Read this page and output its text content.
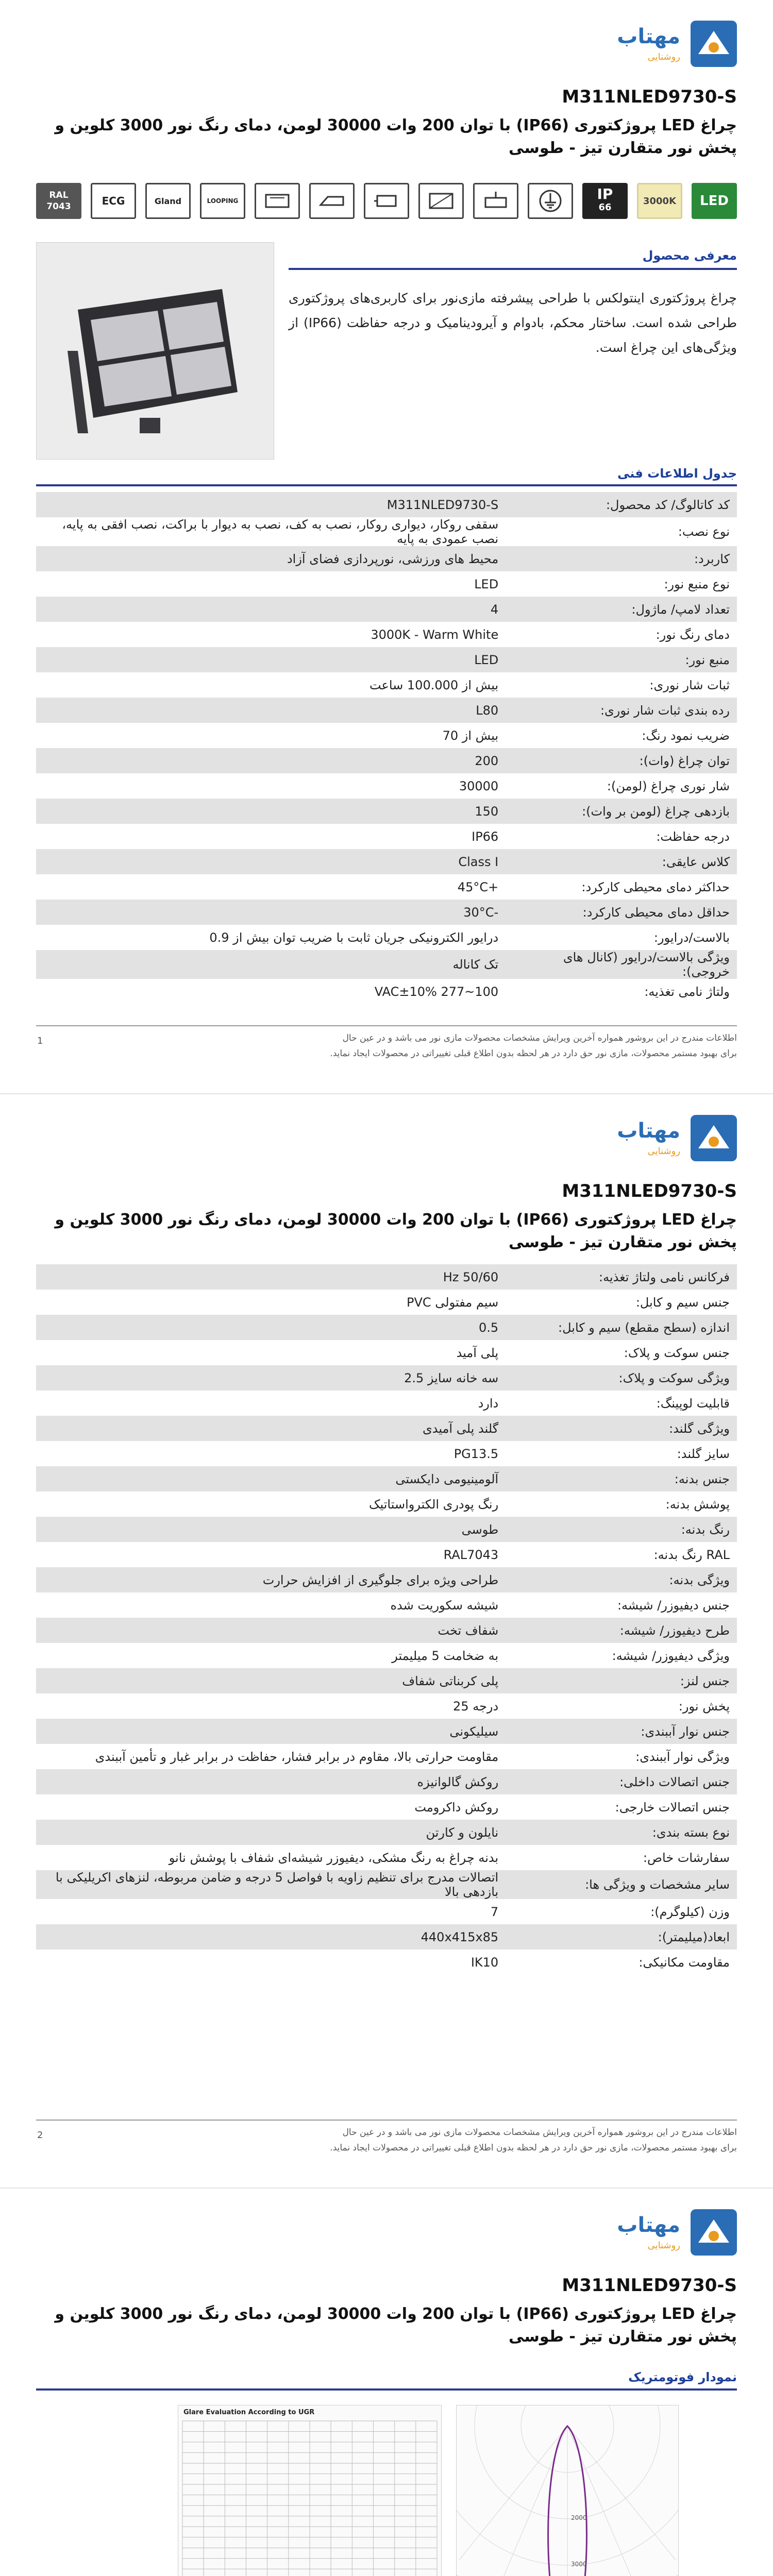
مهتاب
روشنایی
M311NLED9730-S
چراغ LED پروژکتوری (IP66) با توان 200 وات 30000 لومن، دمای رنگ نور 3000 کلوین و پخش نور متقارن تیز - طوسی
LED
3000K
IP
66
LOOPING
Gland
ECG
RAL
7043
معرفی محصول
چراغ پروژکتوری اینتولکس با طراحی پیشرفته مازی‌نور برای کاربری‌های پروژکتوری طراحی شده است. ساختار محکم، بادوام و آیرودینامیک و درجه حفاظت (IP66) از ویژگی‌های این چراغ است.
جدول اطلاعات فنی
کد کاتالوگ/ کد محصول:	M311NLED9730-S
نوع نصب:	سقفی روکار، دیواری روکار، نصب به کف، نصب به دیوار با براکت، نصب افقی به پایه، نصب عمودی به پایه
کاربرد:	محیط های ورزشی، نورپردازی فضای آزاد
نوع منبع نور:	LED
تعداد لامپ/ ماژول:	4
دمای رنگ نور:	3000K - Warm White
منبع نور:	LED
ثبات شار نوری:	بیش از 100.000 ساعت
رده بندی ثبات شار نوری:	L80
ضریب نمود رنگ:	بیش از 70
توان چراغ (وات):	200
شار نوری چراغ (لومن):	30000
بازدهی چراغ (لومن بر وات):	150
درجه حفاظت:	IP66
کلاس عایقی:	Class I
حداکثر دمای محیطی کارکرد:	+45°C
حداقل دمای محیطی کارکرد:	-30°C
بالاست/درایور:	درایور الکترونیکی جریان ثابت با ضریب توان بیش از 0.9
ویژگی بالاست/درایور (کانال های خروجی):	تک کاناله
ولتاژ نامی تغذیه:	100~277 VAC±10%
اطلاعات مندرج در این بروشور همواره آخرین ویرایش مشخصات محصولات مازی نور می باشد و در عین حال
برای بهبود مستمر محصولات، مازی نور حق دارد در هر لحظه بدون اطلاع قبلی تغییراتی در محصولات ایجاد نماید.
1
مهتاب
روشنایی
M311NLED9730-S
چراغ LED پروژکتوری (IP66) با توان 200 وات 30000 لومن، دمای رنگ نور 3000 کلوین و پخش نور متقارن تیز - طوسی
فرکانس نامی ولتاژ تغذیه:	50/60 Hz
جنس سیم و کابل:	سیم مفتولی PVC
اندازه (سطح مقطع) سیم و کابل:	0.5
جنس سوکت و پلاک:	پلی آمید
ویژگی سوکت و پلاک:	سه خانه سایز 2.5
قابلیت لوپینگ:	دارد
ویژگی گلند:	گلند پلی آمیدی
سایز گلند:	PG13.5
جنس بدنه:	آلومینیومی دایکستی
پوشش بدنه:	رنگ پودری الکترواستاتیک
رنگ بدنه:	طوسی
RAL رنگ بدنه:	RAL7043
ویژگی بدنه:	طراحی ویژه برای جلوگیری از افزایش حرارت
جنس دیفیوزر/ شیشه:	شیشه سکوریت شده
طرح دیفیوزر/ شیشه:	شفاف تخت
ویژگی دیفیوزر/ شیشه:	به ضخامت 5 میلیمتر
جنس لنز:	پلی کربناتی شفاف
پخش نور:	درجه 25
جنس نوار آببندی:	سیلیکونی
ویژگی نوار آببندی:	مقاومت حرارتی بالا، مقاوم در برابر فشار، حفاظت در برابر غبار و تأمین آببندی
جنس اتصالات داخلی:	روکش گالوانیزه
جنس اتصالات خارجی:	روکش داکرومت
نوع بسته بندی:	نایلون و کارتن
سفارشات خاص:	بدنه چراغ به رنگ مشکی، دیفیوزر شیشه‌ای شفاف با پوشش نانو
سایر مشخصات و ویژگی ها:	اتصالات مدرج برای تنظیم زاویه با فواصل 5 درجه و ضامن مربوطه، لنزهای اکریلیکی با بازدهی بالا
وزن (کیلوگرم):	7
ابعاد(میلیمتر):	440x415x85
مقاومت مکانیکی:	IK10
اطلاعات مندرج در این بروشور همواره آخرین ویرایش مشخصات محصولات مازی نور می باشد و در عین حال
برای بهبود مستمر محصولات، مازی نور حق دارد در هر لحظه بدون اطلاع قبلی تغییراتی در محصولات ایجاد نماید.
2
مهتاب
روشنایی
M311NLED9730-S
چراغ LED پروژکتوری (IP66) با توان 200 وات 30000 لومن، دمای رنگ نور 3000 کلوین و پخش نور متقارن تیز - طوسی
نمودار فوتومتریک
Glare Evaluation According to UGR
2000
3000
